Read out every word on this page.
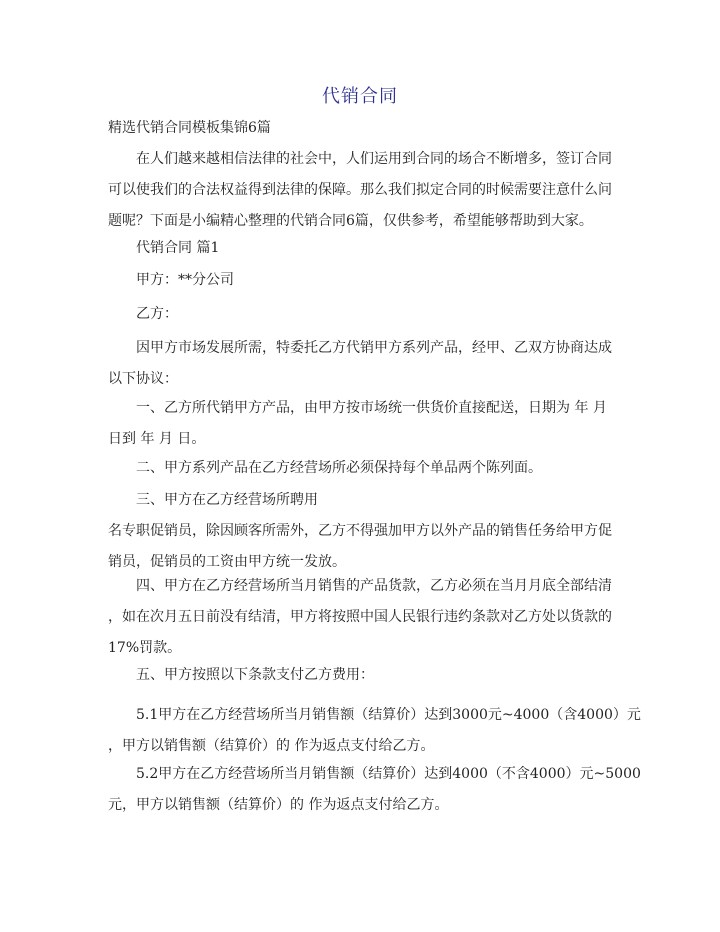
代销合同
精选代销合同模板集锦6篇
在人们越来越相信法律的社会中，人们运用到合同的场合不断增多，签订合同
可以使我们的合法权益得到法律的保障。那么我们拟定合同的时候需要注意什么问
题呢？下面是小编精心整理的代销合同6篇，仅供参考，希望能够帮助到大家。
代销合同 篇1
甲方：**分公司
乙方：
因甲方市场发展所需，特委托乙方代销甲方系列产品，经甲、乙双方协商达成
以下协议：
一、乙方所代销甲方产品，由甲方按市场统一供货价直接配送，日期为 年 月
日到 年 月 日。
二、甲方系列产品在乙方经营场所必须保持每个单品两个陈列面。
三、甲方在乙方经营场所聘用
名专职促销员，除因顾客所需外，乙方不得强加甲方以外产品的销售任务给甲方促
销员，促销员的工资由甲方统一发放。
四、甲方在乙方经营场所当月销售的产品货款，乙方必须在当月月底全部结清
，如在次月五日前没有结清，甲方将按照中国人民银行违约条款对乙方处以货款的
17%罚款。
五、甲方按照以下条款支付乙方费用：
5.1甲方在乙方经营场所当月销售额（结算价）达到3000元~4000（含4000）元
，甲方以销售额（结算价）的 作为返点支付给乙方。
5.2甲方在乙方经营场所当月销售额（结算价）达到4000（不含4000）元~5000
元，甲方以销售额（结算价）的 作为返点支付给乙方。
